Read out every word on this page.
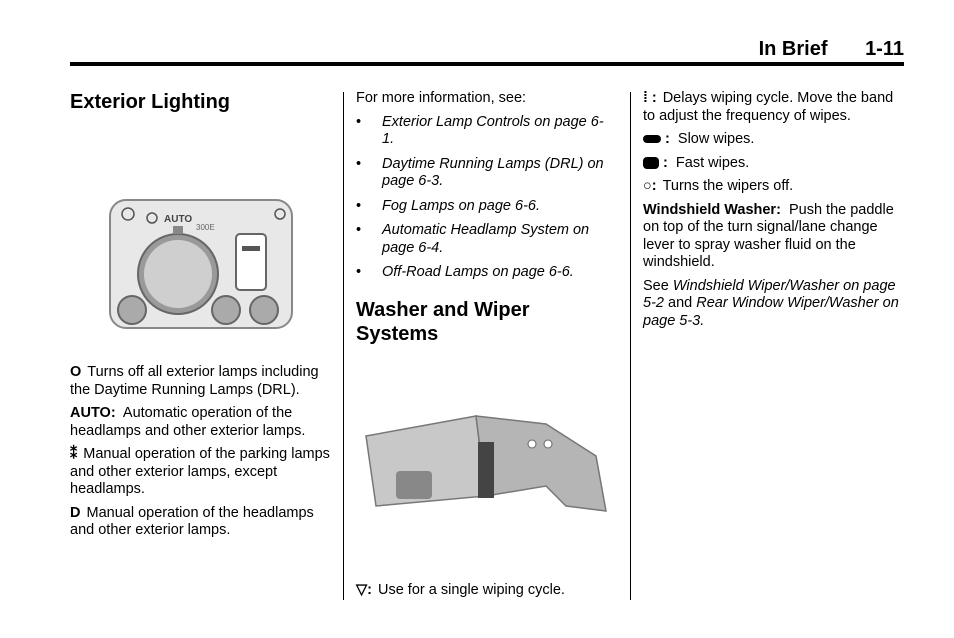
In Brief 1-11
Exterior Lighting
AUTO
300E

O Turns off all exterior lamps including the Daytime Running Lamps (DRL).

AUTO: Automatic operation of the headlamps and other exterior lamps.

⁑ Manual operation of the parking lamps and other exterior lamps, except headlamps.

D Manual operation of the headlamps and other exterior lamps.

For more information, see:

• Exterior Lamp Controls on page 6-1.
• Daytime Running Lamps (DRL) on page 6-3.
• Fog Lamps on page 6-6.
• Automatic Headlamp System on page 6-4.
• Off-Road Lamps on page 6-6.
Washer and Wiper Systems

▽: Use for a single wiping cycle.

⁞ : Delays wiping cycle. Move the band to adjust the frequency of wipes.

: Slow wipes.

: Fast wipes.

○: Turns the wipers off.

Windshield Washer: Push the paddle on top of the turn signal/lane change lever to spray washer fluid on the windshield.

See Windshield Wiper/Washer on page 5-2 and Rear Window Wiper/Washer on page 5-3.
